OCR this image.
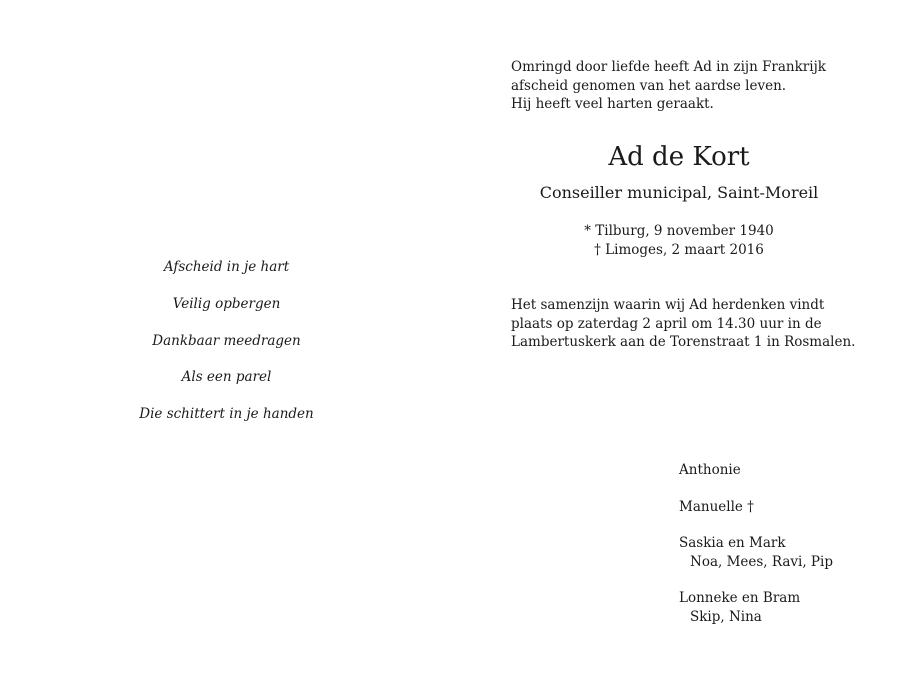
Afscheid in je hart
Veilig opbergen
Dankbaar meedragen
Als een parel
Die schittert in je handen
Omringd door liefde heeft Ad in zijn Frankrijk
afscheid genomen van het aardse leven.
Hij heeft veel harten geraakt.
Ad de Kort
Conseiller municipal, Saint-Moreil
* Tilburg, 9 november 1940
† Limoges, 2 maart 2016
Het samenzijn waarin wij Ad herdenken vindt
plaats op zaterdag 2 april om 14.30 uur in de
Lambertuskerk aan de Torenstraat 1 in Rosmalen.
Anthonie
Manuelle †
Saskia en Mark
Noa, Mees, Ravi, Pip
Lonneke en Bram
Skip, Nina
